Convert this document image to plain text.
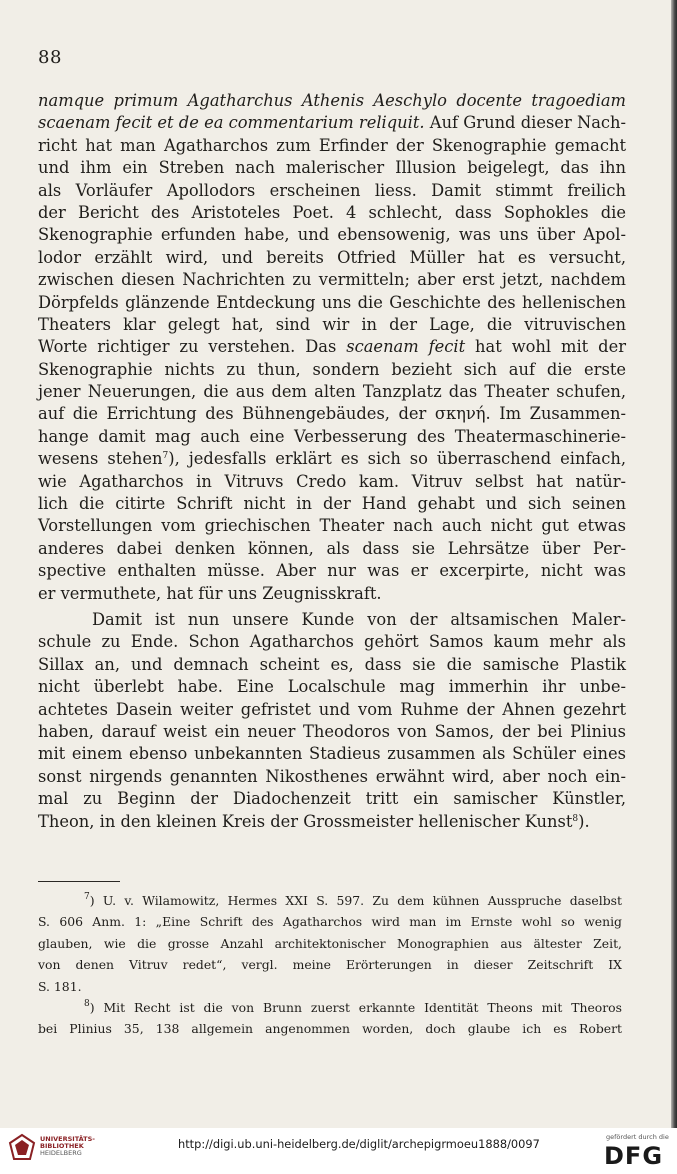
88
namque primum Agatharchus Athenis Aeschylo docente tragoediam
scaenam fecit et de ea commentarium reliquit. Auf Grund dieser Nach-
richt hat man Agatharchos zum Erfinder der Skenographie gemacht
und ihm ein Streben nach malerischer Illusion beigelegt, das ihn
als Vorläufer Apollodors erscheinen liess. Damit stimmt freilich
der Bericht des Aristoteles Poet. 4 schlecht, dass Sophokles die
Skenographie erfunden habe, und ebensowenig, was uns über Apol-
lodor erzählt wird, und bereits Otfried Müller hat es versucht,
zwischen diesen Nachrichten zu vermitteln; aber erst jetzt, nachdem
Dörpfelds glänzende Entdeckung uns die Geschichte des hellenischen
Theaters klar gelegt hat, sind wir in der Lage, die vitruvischen
Worte richtiger zu verstehen. Das scaenam fecit hat wohl mit der
Skenographie nichts zu thun, sondern bezieht sich auf die erste
jener Neuerungen, die aus dem alten Tanzplatz das Theater schufen,
auf die Errichtung des Bühnengebäudes, der σκηνή. Im Zusammen-
hange damit mag auch eine Verbesserung des Theatermaschinerie-
wesens stehen$^7$), jedesfalls erklärt es sich so überraschend einfach,
wie Agatharchos in Vitruvs Credo kam. Vitruv selbst hat natür-
lich die citirte Schrift nicht in der Hand gehabt und sich seinen
Vorstellungen vom griechischen Theater nach auch nicht gut etwas
anderes dabei denken können, als dass sie Lehrsätze über Per-
spective enthalten müsse. Aber nur was er excerpirte, nicht was
er vermuthete, hat für uns Zeugnisskraft.
Damit ist nun unsere Kunde von der altsamischen Maler-
schule zu Ende. Schon Agatharchos gehört Samos kaum mehr als
Sillax an, und demnach scheint es, dass sie die samische Plastik
nicht überlebt habe. Eine Localschule mag immerhin ihr unbe-
achtetes Dasein weiter gefristet und vom Ruhme der Ahnen gezehrt
haben, darauf weist ein neuer Theodoros von Samos, der bei Plinius
mit einem ebenso unbekannten Stadieus zusammen als Schüler eines
sonst nirgends genannten Nikosthenes erwähnt wird, aber noch ein-
mal zu Beginn der Diadochenzeit tritt ein samischer Künstler,
Theon, in den kleinen Kreis der Grossmeister hellenischer Kunst$^8$).
$^7$) U. v. Wilamowitz, Hermes XXI S. 597. Zu dem kühnen Ausspruche daselbst
S. 606 Anm. 1: „Eine Schrift des Agatharchos wird man im Ernste wohl so wenig
glauben, wie die grosse Anzahl architektonischer Monographien aus ältester Zeit,
von denen Vitruv redet“, vergl. meine Erörterungen in dieser Zeitschrift IX
S. 181.
$^8$) Mit Recht ist die von Brunn zuerst erkannte Identität Theons mit Theoros
bei Plinius 35, 138 allgemein angenommen worden, doch glaube ich es Robert
UNIVERSITÄTS-
BIBLIOTHEK
HEIDELBERG
http://digi.ub.uni-heidelberg.de/diglit/archepigrmoeu1888/0097	gefördert durch die
DFG
